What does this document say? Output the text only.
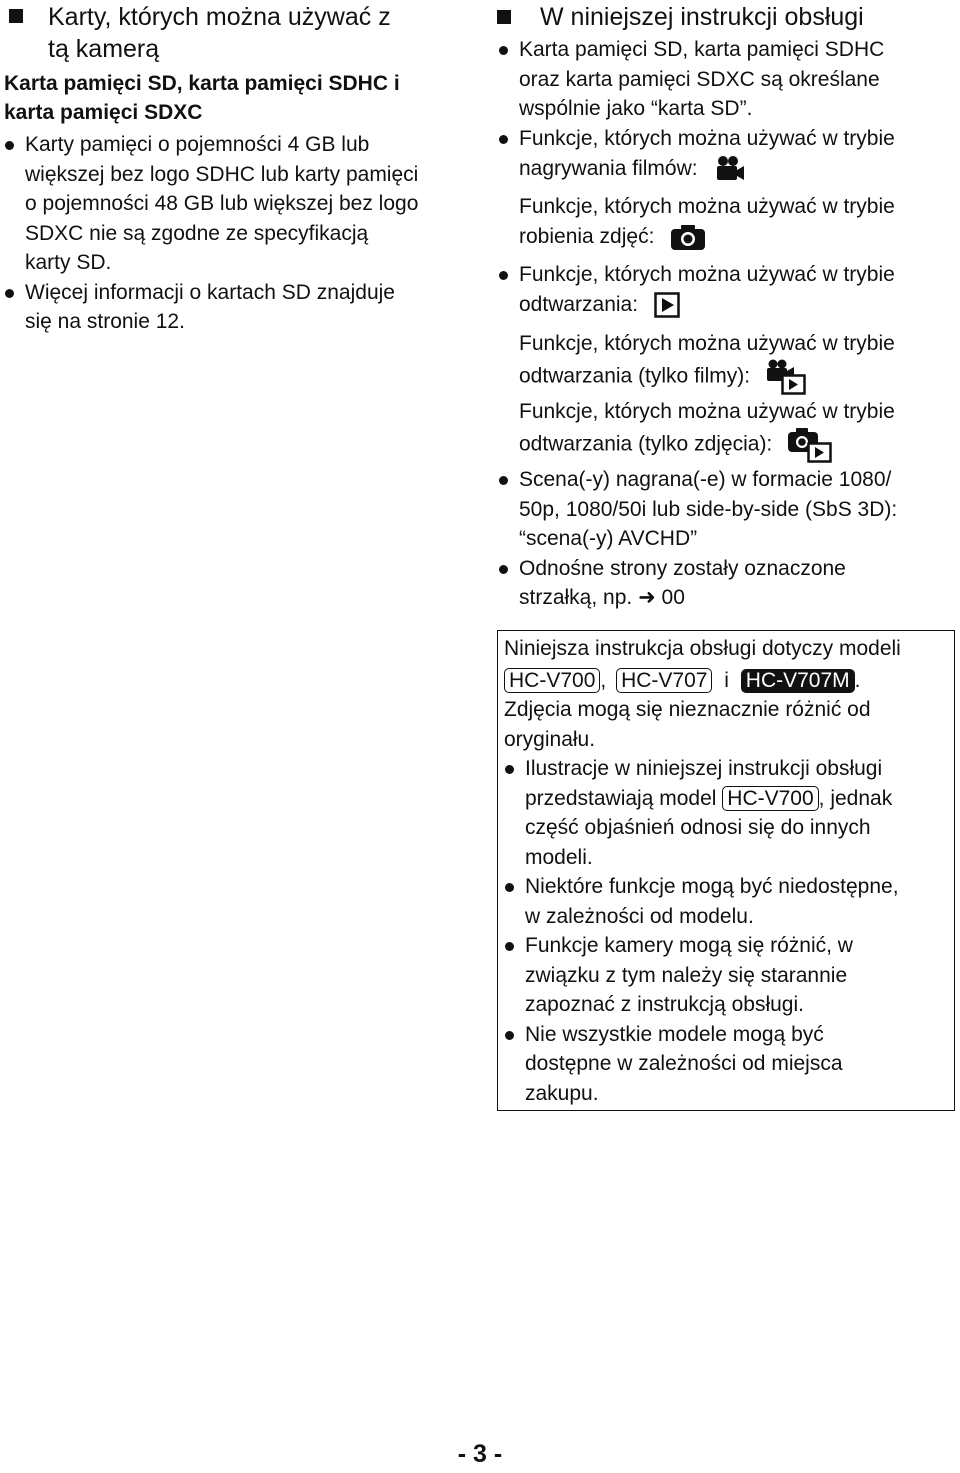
Karty, których można używać z
tą kamerą
Karta pamięci SD, karta pamięci SDHC i
karta pamięci SDXC
Karty pamięci o pojemności 4 GB lub
większej bez logo SDHC lub karty pamięci
o pojemności 48 GB lub większej bez logo
SDXC nie są zgodne ze specyfikacją
karty SD.
Więcej informacji o kartach SD znajduje
się na stronie 12.
W niniejszej instrukcji obsługi
Karta pamięci SD, karta pamięci SDHC
oraz karta pamięci SDXC są określane
wspólnie jako “karta SD”.
Funkcje, których można używać w trybie
nagrywania filmów:
Funkcje, których można używać w trybie
robienia zdjęć:
Funkcje, których można używać w trybie
odtwarzania:
Funkcje, których można używać w trybie
odtwarzania (tylko filmy):
Funkcje, których można używać w trybie
odtwarzania (tylko zdjęcia):
Scena(-y) nagrana(-e) w formacie 1080/
50p, 1080/50i lub side-by-side (SbS 3D):
“scena(-y) AVCHD”
Odnośne strony zostały oznaczone
strzałką, np. ➜ 00
Niniejsza instrukcja obsługi dotyczy modeli
HC-V700 , HC-V707 i HC-V707M .
Zdjęcia mogą się nieznacznie różnić od
oryginału.
Ilustracje w niniejszej instrukcji obsługi
przedstawiają model HC-V700 , jednak
część objaśnień odnosi się do innych
modeli.
Niektóre funkcje mogą być niedostępne,
w zależności od modelu.
Funkcje kamery mogą się różnić, w
związku z tym należy się starannie
zapoznać z instrukcją obsługi.
Nie wszystkie modele mogą być
dostępne w zależności od miejsca
zakupu.
- 3 -
